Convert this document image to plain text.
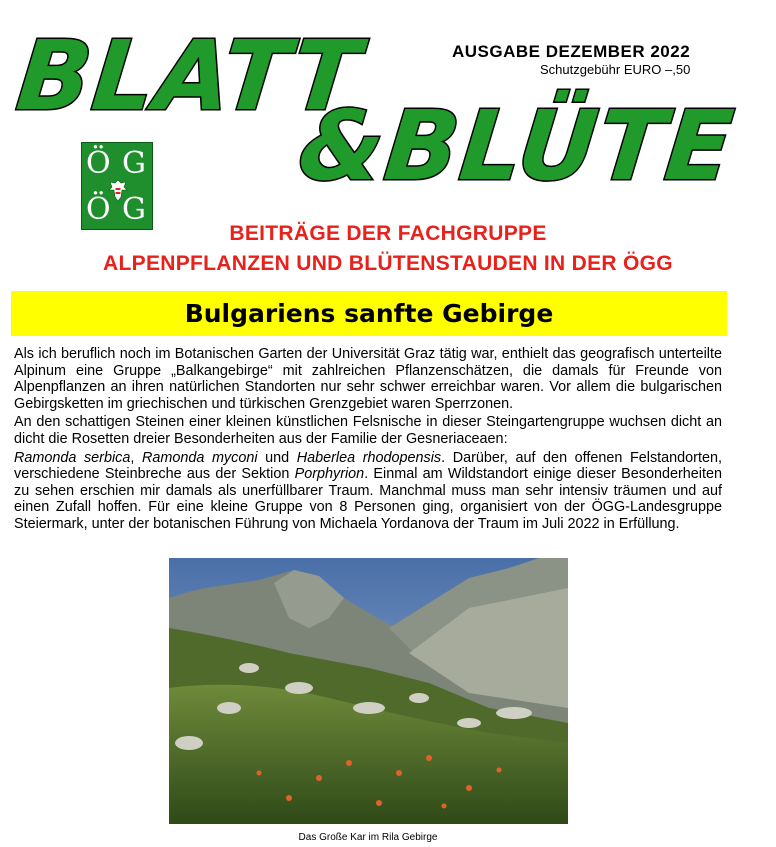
BLATT
&BLÜTE
AUSGABE DEZEMBER 2022
Schutzgebühr EURO –,50
Ö G
Ö G
BEITRÄGE DER FACHGRUPPE
ALPENPFLANZEN UND BLÜTENSTAUDEN IN DER ÖGG
Bulgariens sanfte Gebirge

Als ich beruflich noch im Botanischen Garten der Universität Graz tätig war, enthielt das geografisch unterteilte Alpinum eine Gruppe „Balkangebirge“ mit zahlreichen Pflanzenschätzen, die damals für Freunde von Alpenpflanzen an ihren natürlichen Standorten nur sehr schwer erreichbar waren. Vor allem die bulgarischen Gebirgsketten im griechischen und türkischen Grenzgebiet waren Sperrzonen.

An den schattigen Steinen einer kleinen künstlichen Felsnische in dieser Steingartengruppe wuchsen dicht an dicht die Rosetten dreier Besonderheiten aus der Familie der Gesneriaceaen:

Ramonda serbica, Ramonda myconi und Haberlea rhodopensis. Darüber, auf den offenen Felstandorten, verschiedene Steinbreche aus der Sektion Porphyrion. Einmal am Wildstandort einige dieser Besonderheiten zu sehen erschien mir damals als unerfüllbarer Traum. Manchmal muss man sehr intensiv träumen und auf einen Zufall hoffen. Für eine kleine Gruppe von 8 Personen ging, organisiert von der ÖGG-Landesgruppe Steiermark, unter der botanischen Führung von Michaela Yordanova der Traum im Juli 2022 in Erfüllung.

Das Große Kar im Rila Gebirge
